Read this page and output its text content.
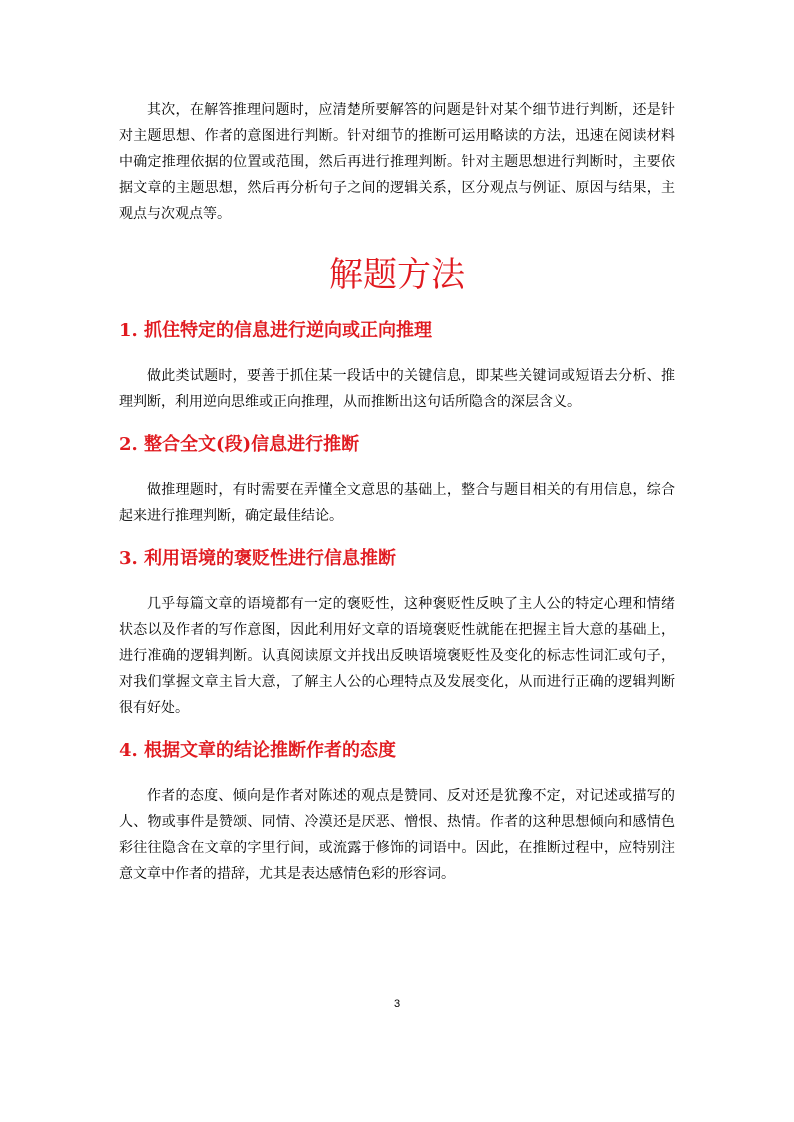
其次，在解答推理问题时，应清楚所要解答的问题是针对某个细节进行判断，还是针对主题思想、作者的意图进行判断。针对细节的推断可运用略读的方法，迅速在阅读材料中确定推理依据的位置或范围，然后再进行推理判断。针对主题思想进行判断时，主要依据文章的主题思想，然后再分析句子之间的逻辑关系，区分观点与例证、原因与结果，主观点与次观点等。

解题方法
1. 抓住特定的信息进行逆向或正向推理

做此类试题时，要善于抓住某一段话中的关键信息，即某些关键词或短语去分析、推理判断，利用逆向思维或正向推理，从而推断出这句话所隐含的深层含义。

2. 整合全文(段)信息进行推断

做推理题时，有时需要在弄懂全文意思的基础上，整合与题目相关的有用信息，综合起来进行推理判断，确定最佳结论。

3. 利用语境的褒贬性进行信息推断

几乎每篇文章的语境都有一定的褒贬性，这种褒贬性反映了主人公的特定心理和情绪状态以及作者的写作意图，因此利用好文章的语境褒贬性就能在把握主旨大意的基础上，进行准确的逻辑判断。认真阅读原文并找出反映语境褒贬性及变化的标志性词汇或句子，对我们掌握文章主旨大意，了解主人公的心理特点及发展变化，从而进行正确的逻辑判断很有好处。

4. 根据文章的结论推断作者的态度

作者的态度、倾向是作者对陈述的观点是赞同、反对还是犹豫不定，对记述或描写的人、物或事件是赞颂、同情、冷漠还是厌恶、憎恨、热情。作者的这种思想倾向和感情色彩往往隐含在文章的字里行间，或流露于修饰的词语中。因此，在推断过程中，应特别注意文章中作者的措辞，尤其是表达感情色彩的形容词。

3
